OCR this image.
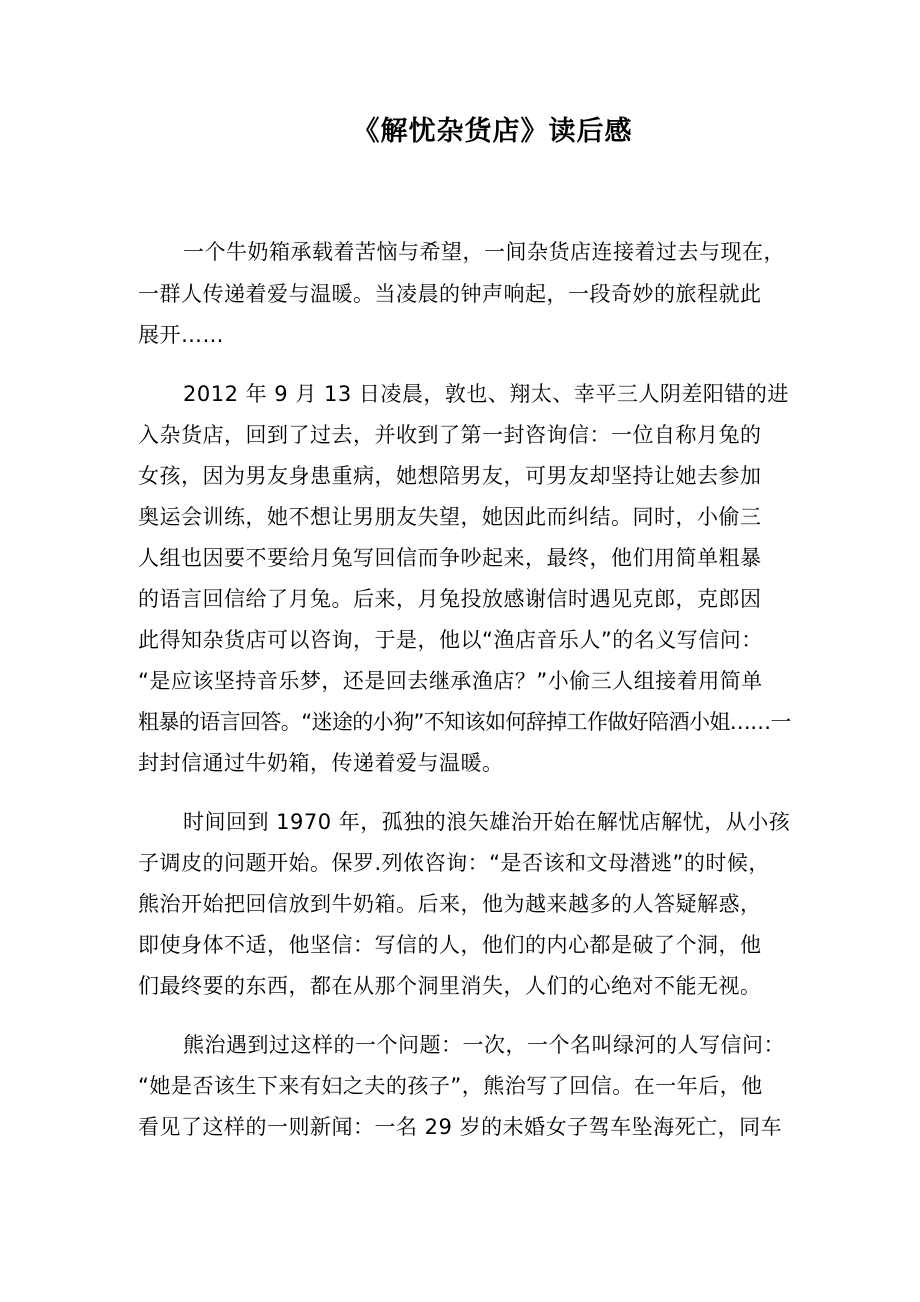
《解忧杂货店》读后感
一个牛奶箱承载着苦恼与希望，一间杂货店连接着过去与现在，
一群人传递着爱与温暖。当凌晨的钟声响起，一段奇妙的旅程就此
展开……
2012 年 9 月 13 日凌晨，敦也、翔太、幸平三人阴差阳错的进
入杂货店，回到了过去，并收到了第一封咨询信：一位自称月兔的
女孩，因为男友身患重病，她想陪男友，可男友却坚持让她去参加
奥运会训练，她不想让男朋友失望，她因此而纠结。同时，小偷三
人组也因要不要给月兔写回信而争吵起来，最终，他们用简单粗暴
的语言回信给了月兔。后来，月兔投放感谢信时遇见克郎，克郎因
此得知杂货店可以咨询，于是，他以“渔店音乐人”的名义写信问：
“是应该坚持音乐梦，还是回去继承渔店？”小偷三人组接着用简单
粗暴的语言回答。“迷途的小狗”不知该如何辞掉工作做好陪酒小姐……一
封封信通过牛奶箱，传递着爱与温暖。
时间回到 1970 年，孤独的浪矢雄治开始在解忧店解忧，从小孩
子调皮的问题开始。保罗.列侬咨询：“是否该和文母潜逃”的时候，
熊治开始把回信放到牛奶箱。后来，他为越来越多的人答疑解惑，
即使身体不适，他坚信：写信的人，他们的内心都是破了个洞，他
们最终要的东西，都在从那个洞里消失，人们的心绝对不能无视。
熊治遇到过这样的一个问题：一次，一个名叫绿河的人写信问：
“她是否该生下来有妇之夫的孩子”，熊治写了回信。在一年后，他
看见了这样的一则新闻：一名 29 岁的未婚女子驾车坠海死亡，同车
